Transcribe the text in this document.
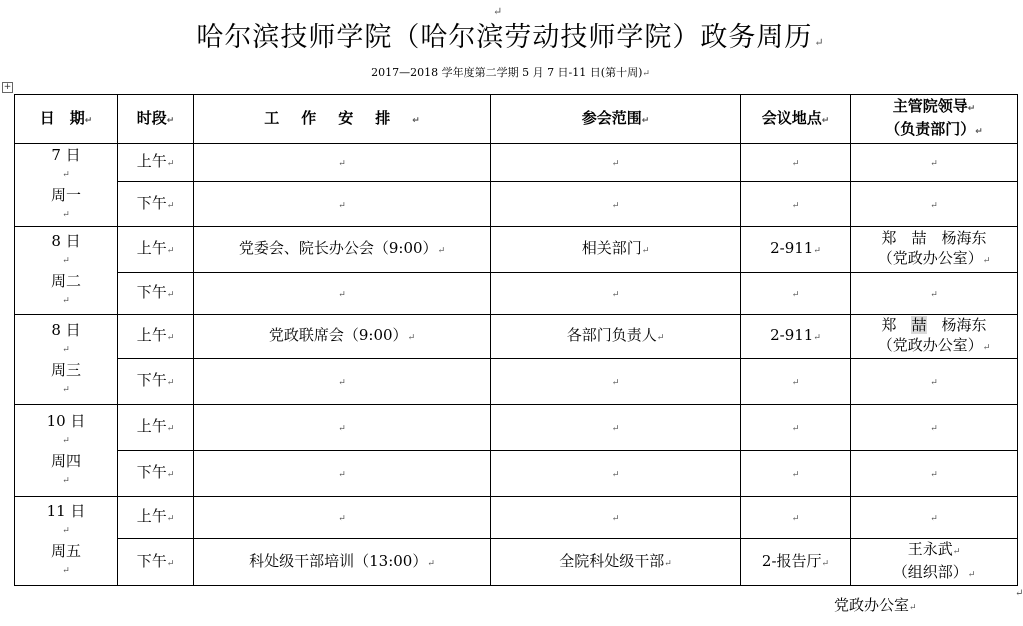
↵
哈尔滨技师学院（哈尔滨劳动技师学院）政务周历 ↵
2017—2018 学年度第二学期 5 月 7 日-11 日(第十周)↵
+
日　期↵	时段↵	工作安排↵	参会范围↵	会议地点↵	主管院领导↵
（负责部门）↵

7 日
↵
周一
↵	上午↵	↵	↵	↵	↵
	下午↵	↵	↵	↵	↵

8 日
↵
周二
↵	上午↵	党委会、院长办公会（9:00）↵	相关部门↵	2-911↵	郑　喆　杨海东
（党政办公室）↵
	下午↵	↵	↵	↵	↵

8 日
↵
周三
↵	上午↵	党政联席会（9:00）↵	各部门负责人↵	2-911↵	郑　喆　杨海东
（党政办公室）↵
	下午↵	↵	↵	↵	↵

10 日
↵
周四
↵	上午↵	↵	↵	↵	↵
	下午↵	↵	↵	↵	↵

11 日
↵
周五
↵	上午↵	↵	↵	↵	↵
	下午↵	科处级干部培训（13:00）↵	全院科处级干部↵	2-报告厅↵	王永武↵
（组织部）↵
党政办公室↵
↵
